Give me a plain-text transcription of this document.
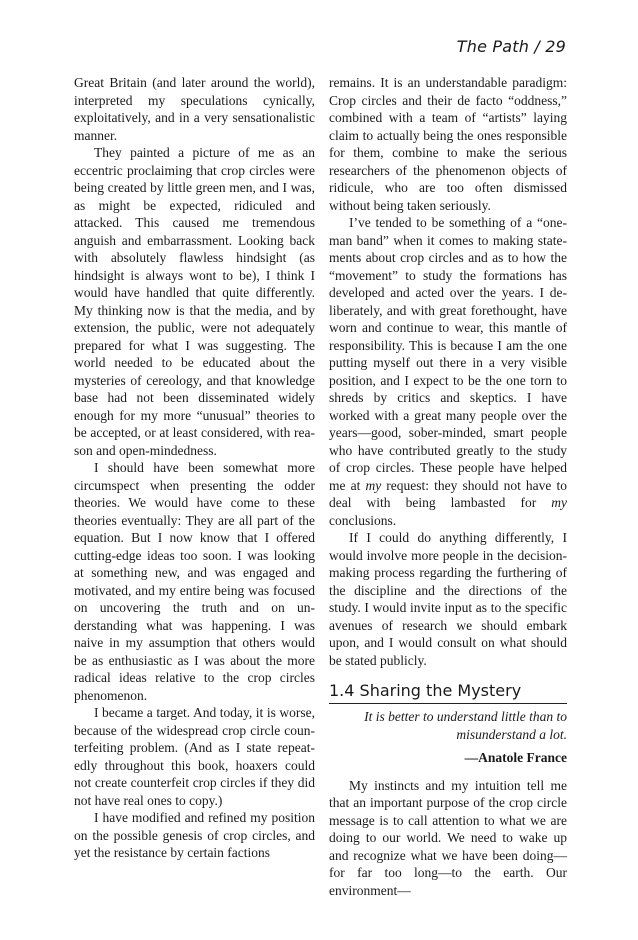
The Path / 29

Great Britain (and later around the world), interpreted my speculations cynically, exploitatively, and in a very sensationalistic manner.

They painted a picture of me as an eccentric proclaiming that crop circles were being created by little green men, and I was, as might be expected, ridiculed and attacked. This caused me tremendous anguish and embarrassment. Looking back with absolutely flawless hindsight (as hindsight is always wont to be), I think I would have handled that quite differently. My thinking now is that the media, and by extension, the public, were not adequately prepared for what I was suggesting. The world needed to be educated about the mysteries of cereology, and that knowledge base had not been disseminated widely enough for my more “unusual” theories to be accepted, or at least considered, with reason and open-mindedness.

I should have been somewhat more circumspect when presenting the odder theories. We would have come to these theories eventually: They are all part of the equation. But I now know that I offered cutting-edge ideas too soon. I was looking at something new, and was engaged and motivated, and my entire being was focused on uncovering the truth and on understanding what was happening. I was naive in my assumption that others would be as enthusiastic as I was about the more radical ideas relative to the crop circles phenomenon.

I became a target. And today, it is worse, because of the widespread crop circle counterfeiting problem. (And as I state repeatedly throughout this book, hoaxers could not create counterfeit crop circles if they did not have real ones to copy.)

I have modified and refined my position on the possible genesis of crop circles, and yet the resistance by certain factions

remains. It is an understandable paradigm: Crop circles and their de facto “oddness,” combined with a team of “artists” laying claim to actually being the ones responsible for them, combine to make the serious researchers of the phenomenon objects of ridicule, who are too often dismissed without being taken seriously.

I’ve tended to be something of a “one-man band” when it comes to making statements about crop circles and as to how the “movement” to study the formations has developed and acted over the years. I deliberately, and with great forethought, have worn and continue to wear, this mantle of responsibility. This is because I am the one putting myself out there in a very visible position, and I expect to be the one torn to shreds by critics and skeptics. I have worked with a great many people over the years—good, sober-minded, smart people who have contributed greatly to the study of crop circles. These people have helped me at my request: they should not have to deal with being lambasted for my conclusions.

If I could do anything differently, I would involve more people in the decision-making process regarding the furthering of the discipline and the directions of the study. I would invite input as to the specific avenues of research we should embark upon, and I would consult on what should be stated publicly.

1.4 Sharing the Mystery
It is better to understand little than to
misunderstand a lot.
—Anatole France

My instincts and my intuition tell me that an important purpose of the crop circle message is to call attention to what we are doing to our world. We need to wake up and recognize what we have been doing—for far too long—to the earth. Our environment—
